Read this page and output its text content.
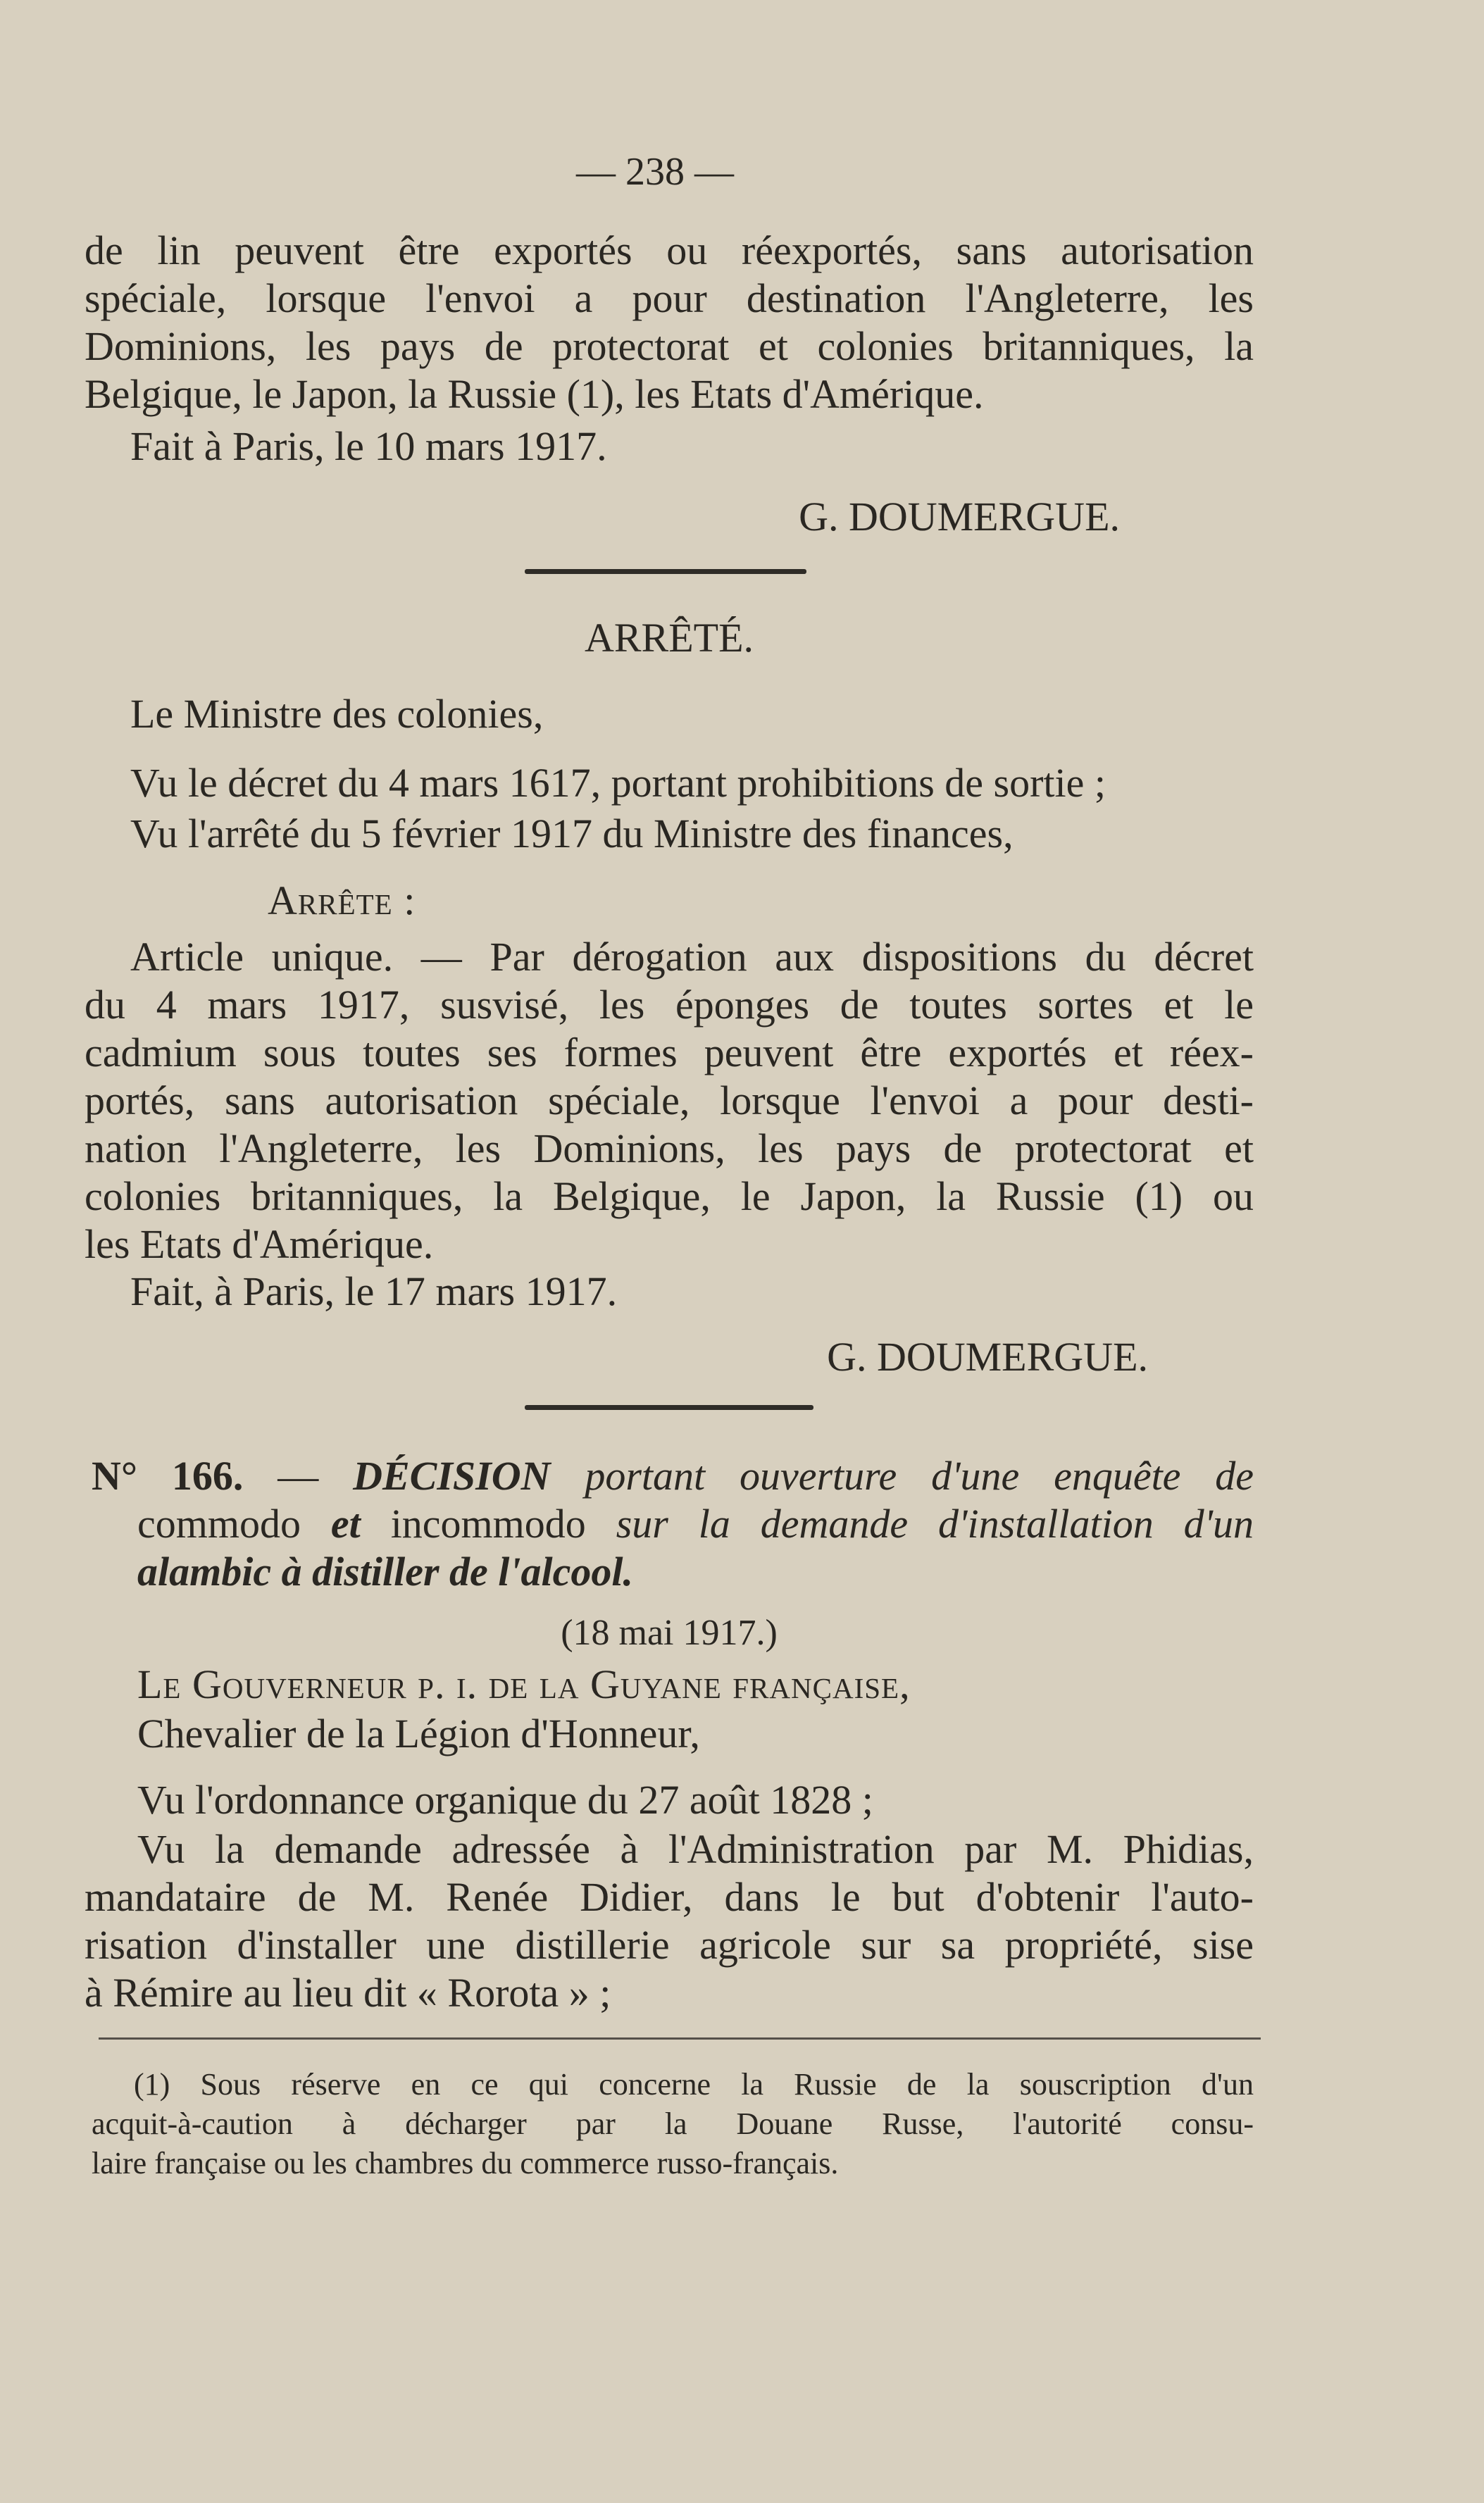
— 238 —

de lin peuvent être exportés ou réexportés, sans autorisation

spéciale, lorsque l'envoi a pour destination l'Angleterre, les

Dominions, les pays de protectorat et colonies britanniques, la

Belgique, le Japon, la Russie (1), les Etats d'Amérique.

Fait à Paris, le 10 mars 1917.

G. DOUMERGUE.

ARRÊTÉ.

Le Ministre des colonies,

Vu le décret du 4 mars 1617, portant prohibitions de sortie ;

Vu l'arrêté du 5 février 1917 du Ministre des finances,

Arrête :

Article unique. — Par dérogation aux dispositions du décret

du 4 mars 1917, susvisé, les éponges de toutes sortes et le

cadmium sous toutes ses formes peuvent être exportés et réex-

portés, sans autorisation spéciale, lorsque l'envoi a pour desti-

nation l'Angleterre, les Dominions, les pays de protectorat et

colonies britanniques, la Belgique, le Japon, la Russie (1) ou

les Etats d'Amérique.

Fait, à Paris, le 17 mars 1917.

G. DOUMERGUE.

N° 166. — DÉCISION portant ouverture d'une enquête de

commodo et incommodo sur la demande d'installation d'un

alambic à distiller de l'alcool.

(18 mai 1917.)

Le Gouverneur p. i. de la Guyane française,

Chevalier de la Légion d'Honneur,

Vu l'ordonnance organique du 27 août 1828 ;

Vu la demande adressée à l'Administration par M. Phidias,

mandataire de M. Renée Didier, dans le but d'obtenir l'auto-

risation d'installer une distillerie agricole sur sa propriété, sise

à Rémire au lieu dit « Rorota » ;

(1) Sous réserve en ce qui concerne la Russie de la souscription d'un

acquit-à-caution à décharger par la Douane Russe, l'autorité consu-

laire française ou les chambres du commerce russo-français.
